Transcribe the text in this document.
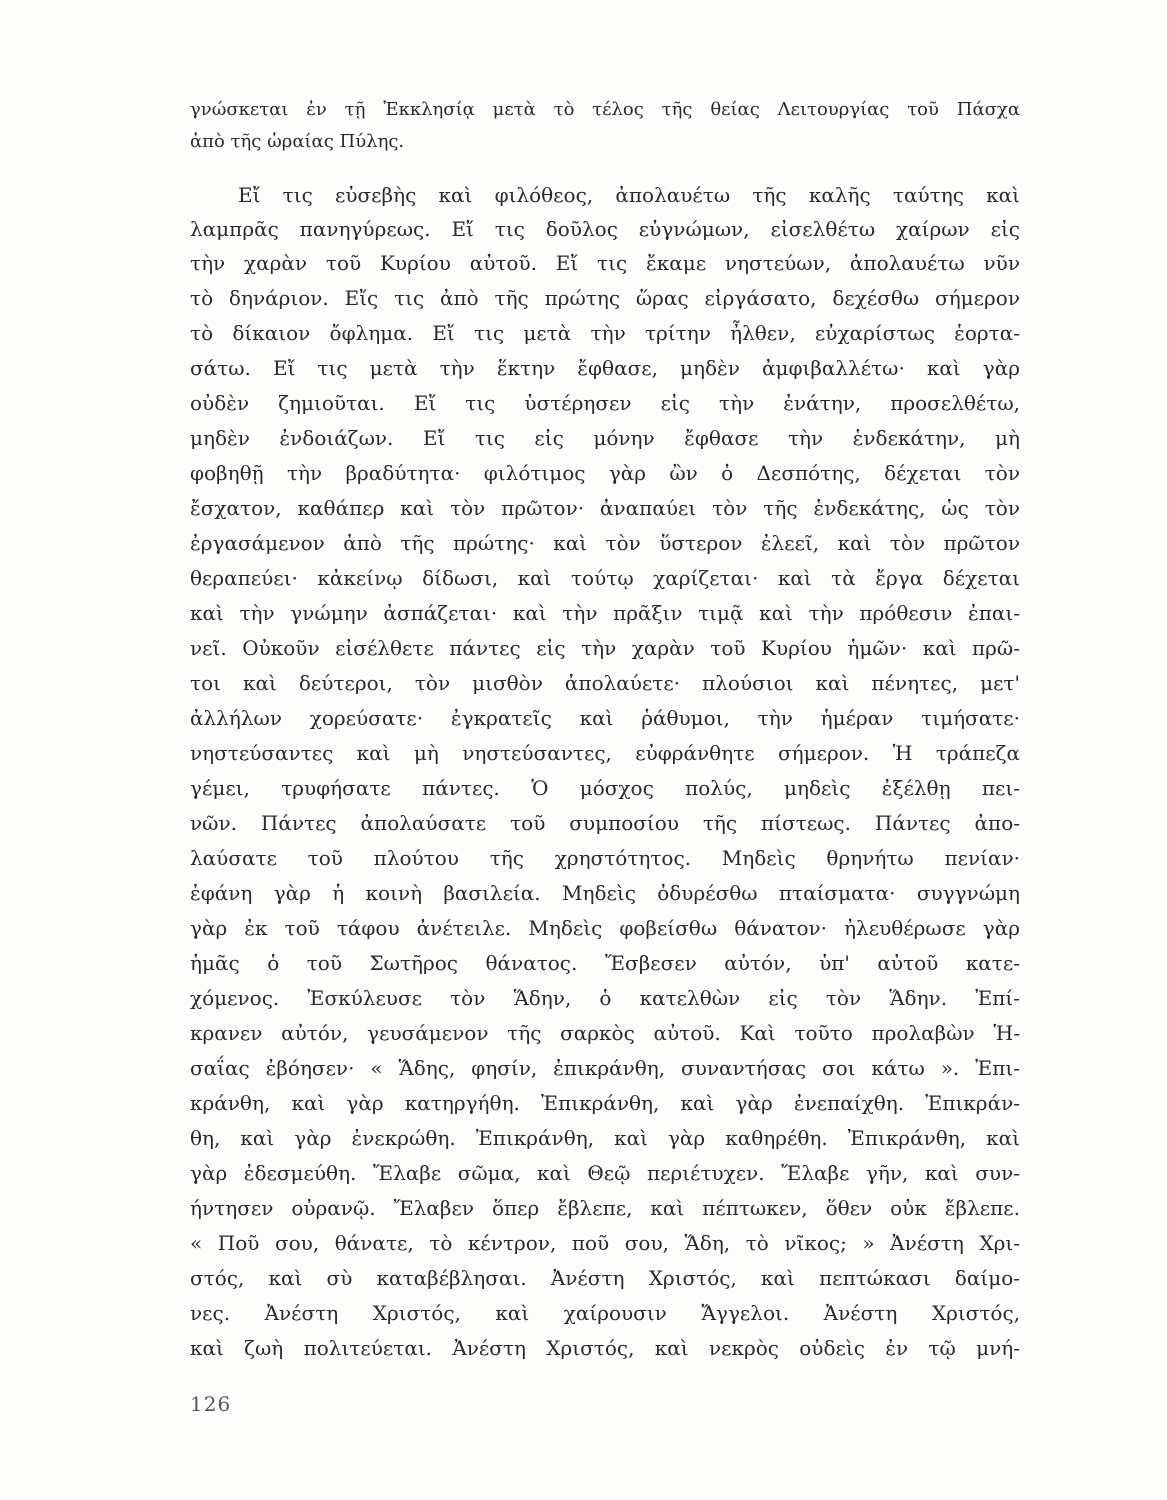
γνώσκεται ἐν τῇ Ἐκκλησίᾳ μετὰ τὸ τέλος τῆς θείας Λειτουργίας τοῦ Πάσχα
ἀπὸ τῆς ὡραίας Πύλης.
Εἴ τις εὐσεβὴς καὶ φιλόθεος, ἀπολαυέτω τῆς καλῆς ταύτης καὶ
λαμπρᾶς πανηγύρεως. Εἴ τις δοῦλος εὐγνώμων, εἰσελθέτω χαίρων εἰς
τὴν χαρὰν τοῦ Κυρίου αὐτοῦ. Εἴ τις ἔκαμε νηστεύων, ἀπολαυέτω νῦν
τὸ δηνάριον. Εἴς τις ἀπὸ τῆς πρώτης ὥρας εἰργάσατο, δεχέσθω σήμερον
τὸ δίκαιον ὄφλημα. Εἴ τις μετὰ τὴν τρίτην ἦλθεν, εὐχαρίστως ἑορτα-
σάτω. Εἴ τις μετὰ τὴν ἕκτην ἔφθασε, μηδὲν ἀμφιβαλλέτω· καὶ γὰρ
οὐδὲν ζημιοῦται. Εἴ τις ὑστέρησεν εἰς τὴν ἐνάτην, προσελθέτω,
μηδὲν ἐνδοιάζων. Εἴ τις εἰς μόνην ἔφθασε τὴν ἑνδεκάτην, μὴ
φοβηθῇ τὴν βραδύτητα· φιλότιμος γὰρ ὢν ὁ Δεσπότης, δέχεται τὸν
ἔσχατον, καθάπερ καὶ τὸν πρῶτον· ἀναπαύει τὸν τῆς ἑνδεκάτης, ὡς τὸν
ἐργασάμενον ἀπὸ τῆς πρώτης· καὶ τὸν ὕστερον ἐλεεῖ, καὶ τὸν πρῶτον
θεραπεύει· κἀκείνῳ δίδωσι, καὶ τούτῳ χαρίζεται· καὶ τὰ ἔργα δέχεται
καὶ τὴν γνώμην ἀσπάζεται· καὶ τὴν πρᾶξιν τιμᾷ καὶ τὴν πρόθεσιν ἐπαι-
νεῖ. Οὐκοῦν εἰσέλθετε πάντες εἰς τὴν χαρὰν τοῦ Κυρίου ἡμῶν· καὶ πρῶ-
τοι καὶ δεύτεροι, τὸν μισθὸν ἀπολαύετε· πλούσιοι καὶ πένητες, μετ'
ἀλλήλων χορεύσατε· ἐγκρατεῖς καὶ ῥάθυμοι, τὴν ἡμέραν τιμήσατε·
νηστεύσαντες καὶ μὴ νηστεύσαντες, εὐφράνθητε σήμερον. Ἡ τράπεζα
γέμει, τρυφήσατε πάντες. Ὁ μόσχος πολύς, μηδεὶς ἐξέλθῃ πει-
νῶν. Πάντες ἀπολαύσατε τοῦ συμποσίου τῆς πίστεως. Πάντες ἀπο-
λαύσατε τοῦ πλούτου τῆς χρηστότητος. Μηδεὶς θρηνήτω πενίαν·
ἐφάνη γὰρ ἡ κοινὴ βασιλεία. Μηδεὶς ὀδυρέσθω πταίσματα· συγγνώμη
γὰρ ἐκ τοῦ τάφου ἀνέτειλε. Μηδεὶς φοβείσθω θάνατον· ἠλευθέρωσε γὰρ
ἡμᾶς ὁ τοῦ Σωτῆρος θάνατος. Ἔσβεσεν αὐτόν, ὑπ' αὐτοῦ κατε-
χόμενος. Ἐσκύλευσε τὸν Ἅδην, ὁ κατελθὼν εἰς τὸν Ἅδην. Ἐπί-
κρανεν αὐτόν, γευσάμενον τῆς σαρκὸς αὐτοῦ. Καὶ τοῦτο προλαβὼν Ἡ-
σαΐας ἐβόησεν· « Ἅδης, φησίν, ἐπικράνθη, συναντήσας σοι κάτω ». Ἐπι-
κράνθη, καὶ γὰρ κατηργήθη. Ἐπικράνθη, καὶ γὰρ ἐνεπαίχθη. Ἐπικράν-
θη, καὶ γὰρ ἐνεκρώθη. Ἐπικράνθη, καὶ γὰρ καθηρέθη. Ἐπικράνθη, καὶ
γὰρ ἐδεσμεύθη. Ἔλαβε σῶμα, καὶ Θεῷ περιέτυχεν. Ἔλαβε γῆν, καὶ συν-
ήντησεν οὐρανῷ. Ἔλαβεν ὅπερ ἔβλεπε, καὶ πέπτωκεν, ὅθεν οὐκ ἔβλεπε.
« Ποῦ σου, θάνατε, τὸ κέντρον, ποῦ σου, Ἅδη, τὸ νῖκος; » Ἀνέστη Χρι-
στός, καὶ σὺ καταβέβλησαι. Ἀνέστη Χριστός, καὶ πεπτώκασι δαίμο-
νες. Ἀνέστη Χριστός, καὶ χαίρουσιν Ἄγγελοι. Ἀνέστη Χριστός,
καὶ ζωὴ πολιτεύεται. Ἀνέστη Χριστός, καὶ νεκρὸς οὐδεὶς ἐν τῷ μνή-
126
